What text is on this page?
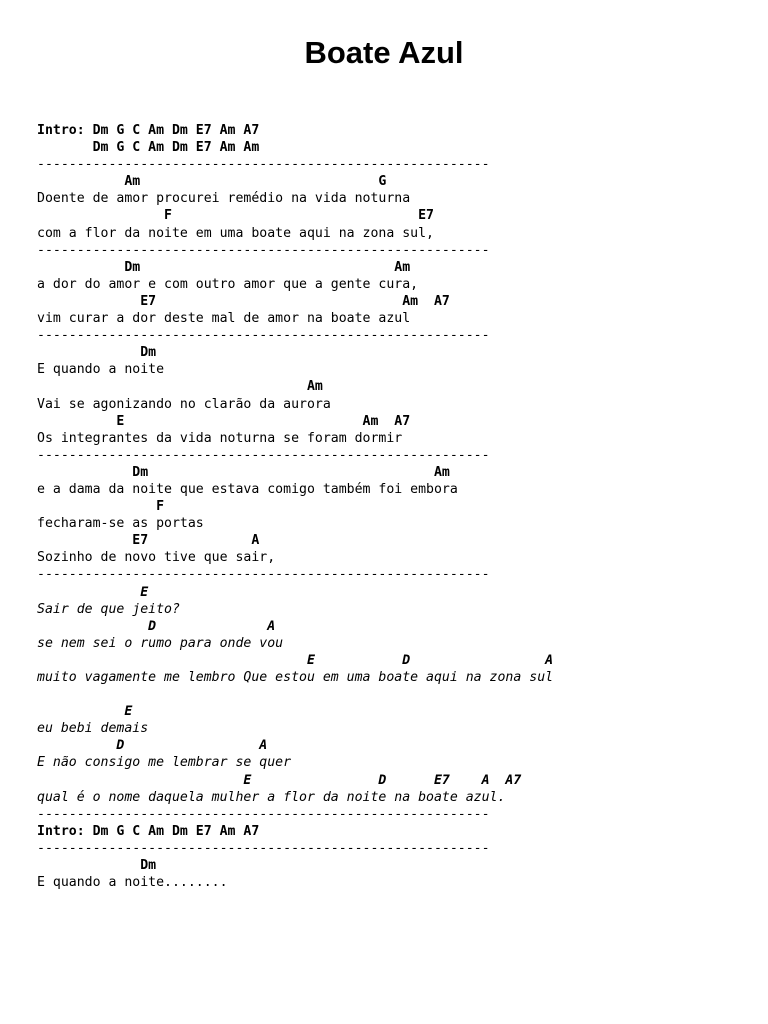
Boate Azul
Intro: Dm G C Am Dm E7 Am A7
Dm G C Am Dm E7 Am Am
---------------------------------------------------------
Am                              G
Doente de amor procurei remédio na vida noturna
F                               E7
com a flor da noite em uma boate aqui na zona sul,
---------------------------------------------------------
Dm                                Am
a dor do amor e com outro amor que a gente cura,
E7                               Am  A7
vim curar a dor deste mal de amor na boate azul
---------------------------------------------------------
Dm
E quando a noite
Am
Vai se agonizando no clarão da aurora
E                              Am  A7
Os integrantes da vida noturna se foram dormir
---------------------------------------------------------
Dm                                    Am
e a dama da noite que estava comigo também foi embora
F
fecharam-se as portas
E7             A
Sozinho de novo tive que sair,
---------------------------------------------------------
E
Sair de que jeito?
D              A
se nem sei o rumo para onde vou
E           D                 A
muito vagamente me lembro Que estou em uma boate aqui na zona sul
E
eu bebi demais
D                 A
E não consigo me lembrar se quer
E                D      E7    A  A7
qual é o nome daquela mulher a flor da noite na boate azul.
---------------------------------------------------------
Intro: Dm G C Am Dm E7 Am A7
---------------------------------------------------------
Dm
E quando a noite........
